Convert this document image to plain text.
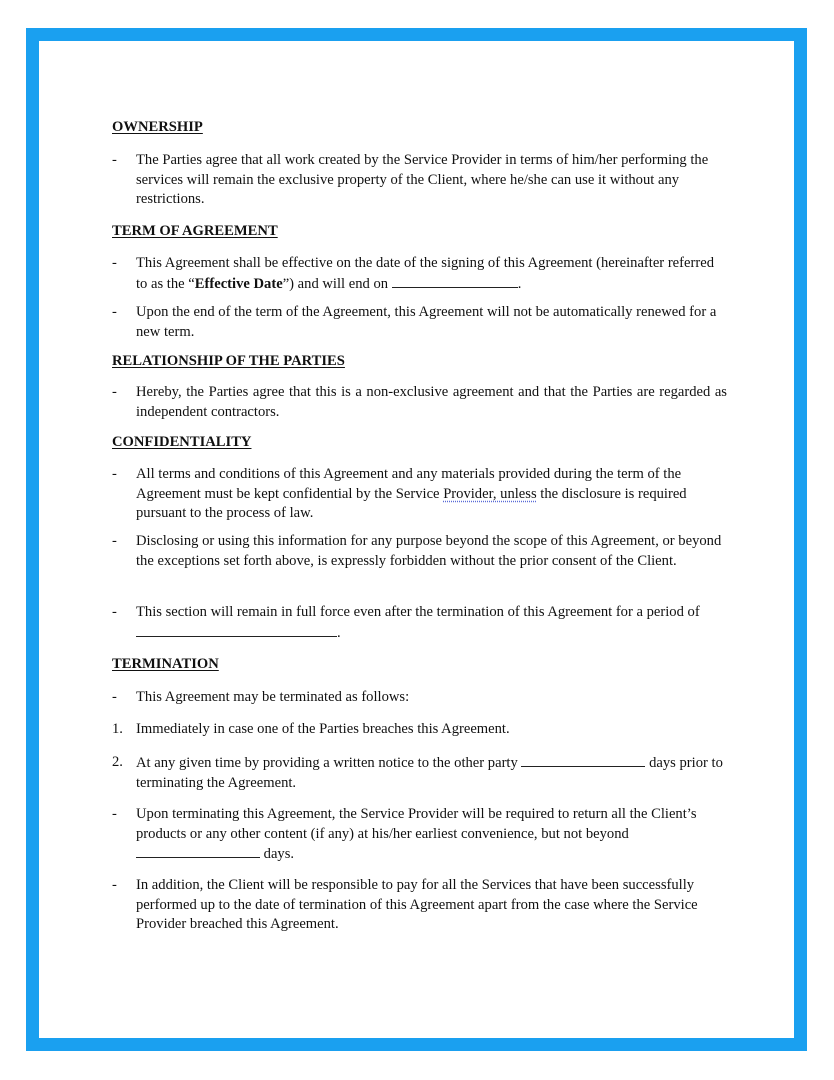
OWNERSHIP
- The Parties agree that all work created by the Service Provider in terms of him/her performing the services will remain the exclusive property of the Client, where he/she can use it without any restrictions.
TERM OF AGREEMENT
- This Agreement shall be effective on the date of the signing of this Agreement (hereinafter referred to as the “Effective Date”) and will end on	.
- Upon the end of the term of the Agreement, this Agreement will not be automatically renewed for a new term.
RELATIONSHIP OF THE PARTIES
- Hereby, the Parties agree that this is a non-exclusive agreement and that the Parties are regarded as independent contractors.
CONFIDENTIALITY
- All terms and conditions of this Agreement and any materials provided during the term of the Agreement must be kept confidential by the Service Provider, unless the disclosure is required pursuant to the process of law.
- Disclosing or using this information for any purpose beyond the scope of this Agreement, or beyond the exceptions set forth above, is expressly forbidden without the prior consent of the Client.
- This section will remain in full force even after the termination of this Agreement for a period of .
TERMINATION
- This Agreement may be terminated as follows:
1. Immediately in case one of the Parties breaches this Agreement.
2. At any given time by providing a written notice to the other party	days prior to terminating the Agreement.
- Upon terminating this Agreement, the Service Provider will be required to return all the Client’s products or any other content (if any) at his/her earliest convenience, but not beyond  days.
- In addition, the Client will be responsible to pay for all the Services that have been successfully performed up to the date of termination of this Agreement apart from the case where the Service Provider breached this Agreement.
